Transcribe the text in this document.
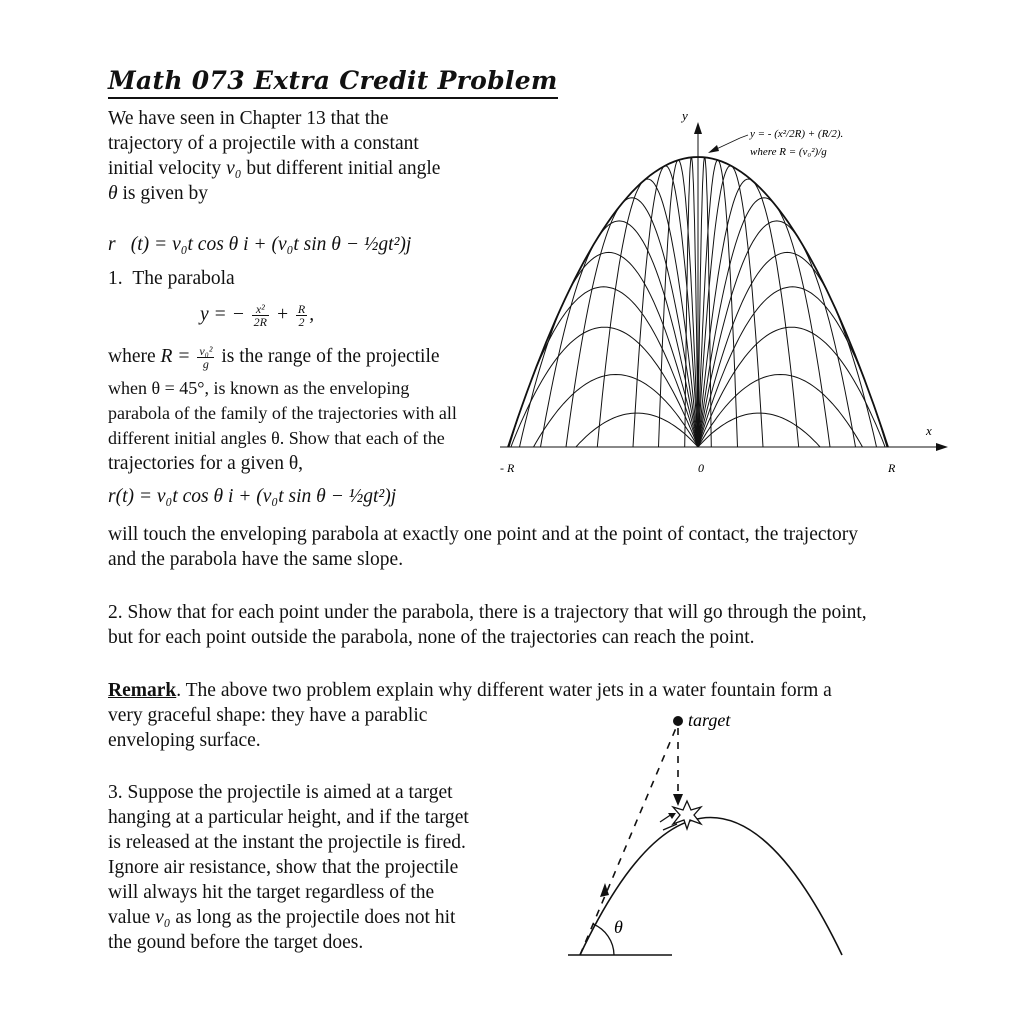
Math 073 Extra Credit Problem
We have seen in Chapter 13 that the
trajectory of a projectile with a constant
initial velocity v₀ but different initial angle
θ is given by
r⃗(t) = v₀t cos θ i + (v₀t sin θ − ½gt²)j
1. The parabola
y = − $\frac{\text{x²}}{2R} + \frac{R}{2}$ ,
where $R = \frac{\text{v₀²}}{g}$ is the range of the projectile
when θ = 45°, is known as the enveloping
parabola of the family of the trajectories with all
different initial angles θ. Show that each of the
trajectories for a given θ,
r(t) = v₀t cos θ i + (v₀t sin θ − ½gt²)j
will touch the enveloping parabola at exactly one point and at the point of contact, the trajectory
and the parabola have the same slope.
2. Show that for each point under the parabola, there is a trajectory that will go through the point,
but for each point outside the parabola, none of the trajectories can reach the point.
Remark. The above two problem explain why different water jets in a water fountain form a
very graceful shape: they have a parablic
enveloping surface.
3. Suppose the projectile is aimed at a target
hanging at a particular height, and if the target
is released at the instant the projectile is fired.
Ignore air resistance, show that the projectile
will always hit the target regardless of the
value v₀ as long as the projectile does not hit
the gound before the target does.
y
x
- R	0	R
y = - (x²/2R) + (R/2).
where R = (v₀²)/g
target
θ
